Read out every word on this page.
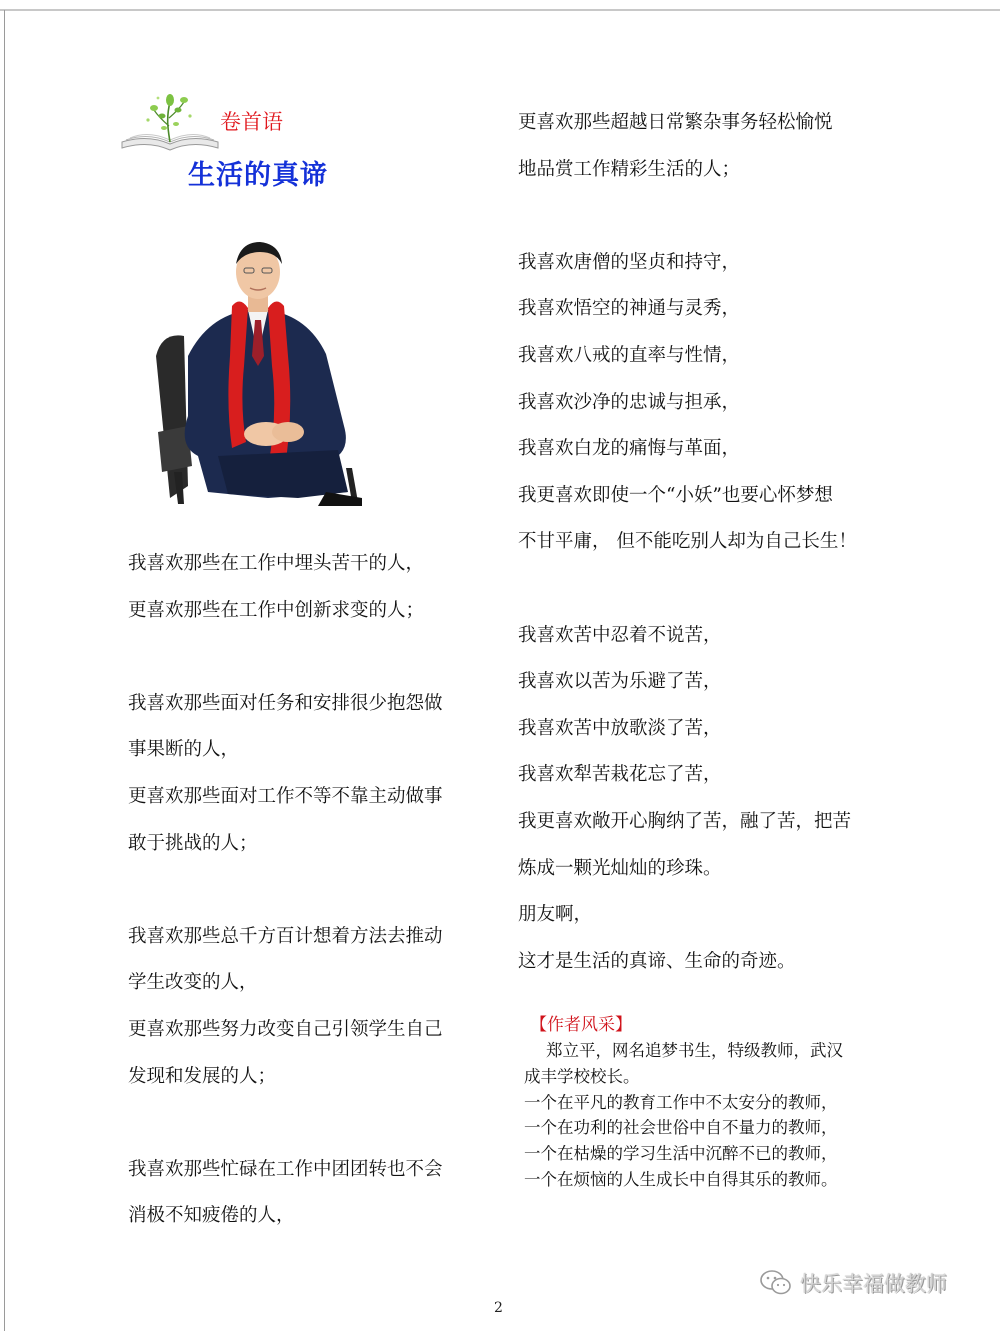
卷首语
生活的真谛
我喜欢那些在工作中埋头苦干的人，
更喜欢那些在工作中创新求变的人；
我喜欢那些面对任务和安排很少抱怨做
事果断的人，
更喜欢那些面对工作不等不靠主动做事
敢于挑战的人；
我喜欢那些总千方百计想着方法去推动
学生改变的人，
更喜欢那些努力改变自己引领学生自己
发现和发展的人；
我喜欢那些忙碌在工作中团团转也不会
消极不知疲倦的人，
更喜欢那些超越日常繁杂事务轻松愉悦
地品赏工作精彩生活的人；
我喜欢唐僧的坚贞和持守，
我喜欢悟空的神通与灵秀，
我喜欢八戒的直率与性情，
我喜欢沙净的忠诚与担承，
我喜欢白龙的痛悔与革面，
我更喜欢即使一个“小妖”也要心怀梦想
不甘平庸， 但不能吃别人却为自己长生！
我喜欢苦中忍着不说苦，
我喜欢以苦为乐避了苦，
我喜欢苦中放歌淡了苦，
我喜欢犁苦栽花忘了苦，
我更喜欢敞开心胸纳了苦，融了苦，把苦
炼成一颗光灿灿的珍珠。
朋友啊，
这才是生活的真谛、生命的奇迹。
【作者风采】
郑立平，网名追梦书生，特级教师，武汉
成丰学校校长。
一个在平凡的教育工作中不太安分的教师，
一个在功利的社会世俗中自不量力的教师，
一个在枯燥的学习生活中沉醉不已的教师，
一个在烦恼的人生成长中自得其乐的教师。
快乐幸福做教师
2
